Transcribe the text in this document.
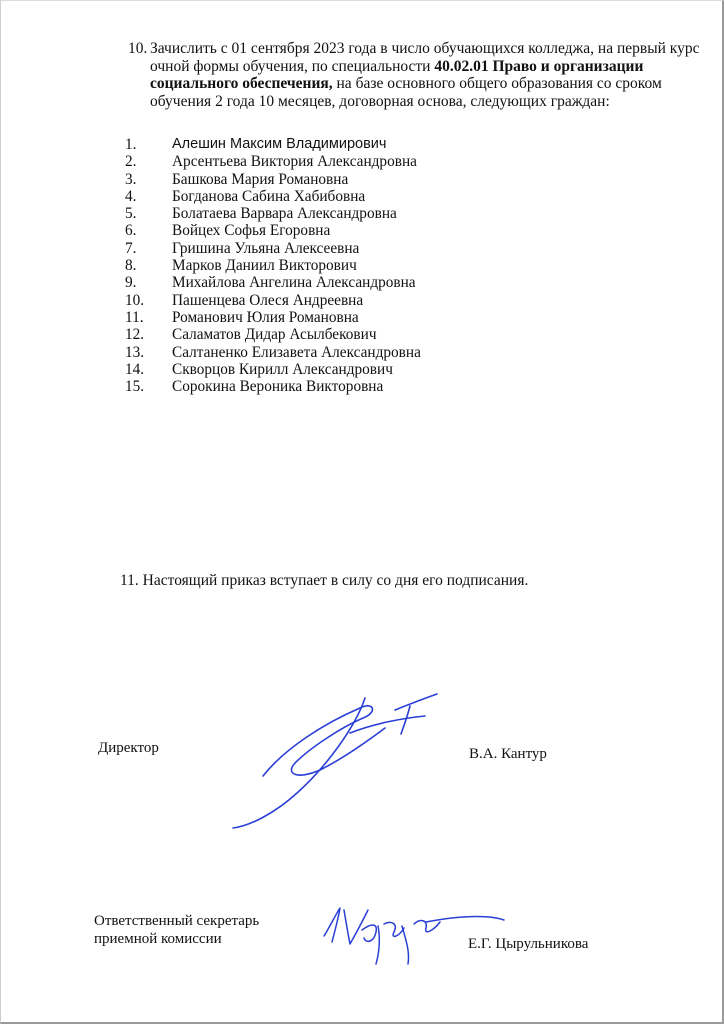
10. Зачислить с 01 сентября 2023 года в число обучающихся колледжа, на первый курс очной формы обучения, по специальности 40.02.01 Право и организации социального обеспечения, на базе основного общего образования со сроком обучения 2 года 10 месяцев, договорная основа, следующих граждан:
1. Алешин Максим Владимирович
2. Арсентьева Виктория Александровна
3. Башкова Мария Романовна
4. Богданова Сабина Хабибовна
5. Болатаева Варвара Александровна
6. Войцех Софья Егоровна
7. Гришина Ульяна Алексеевна
8. Марков Даниил Викторович
9. Михайлова Ангелина Александровна
10. Пашенцева Олеся Андреевна
11. Романович Юлия Романовна
12. Саламатов Дидар Асылбекович
13. Салтаненко Елизавета Александровна
14. Скворцов Кирилл Александрович
15. Сорокина Вероника Викторовна
11. Настоящий приказ вступает в силу со дня его подписания.
Директор	В.А. Кантур
Ответственный секретарь
приемной комиссии	Е.Г. Цырульникова
